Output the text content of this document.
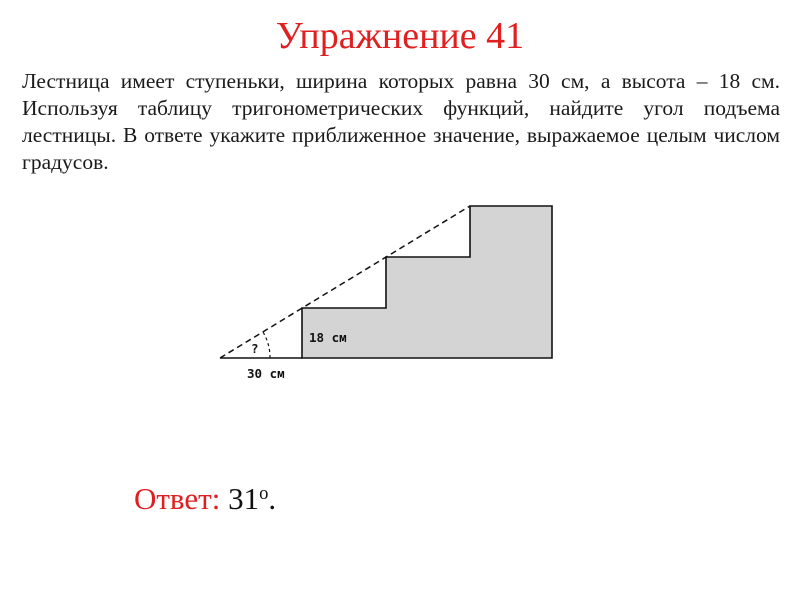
Упражнение 41

Лестница имеет ступеньки, ширина которых равна 30 см, а высота – 18 см. Используя таблицу тригонометрических функций, найдите угол подъема лестницы. В ответе укажите приближенное значение, выражаемое целым числом градусов.

?
18 см
30 см
Ответ: 31$^o$.
